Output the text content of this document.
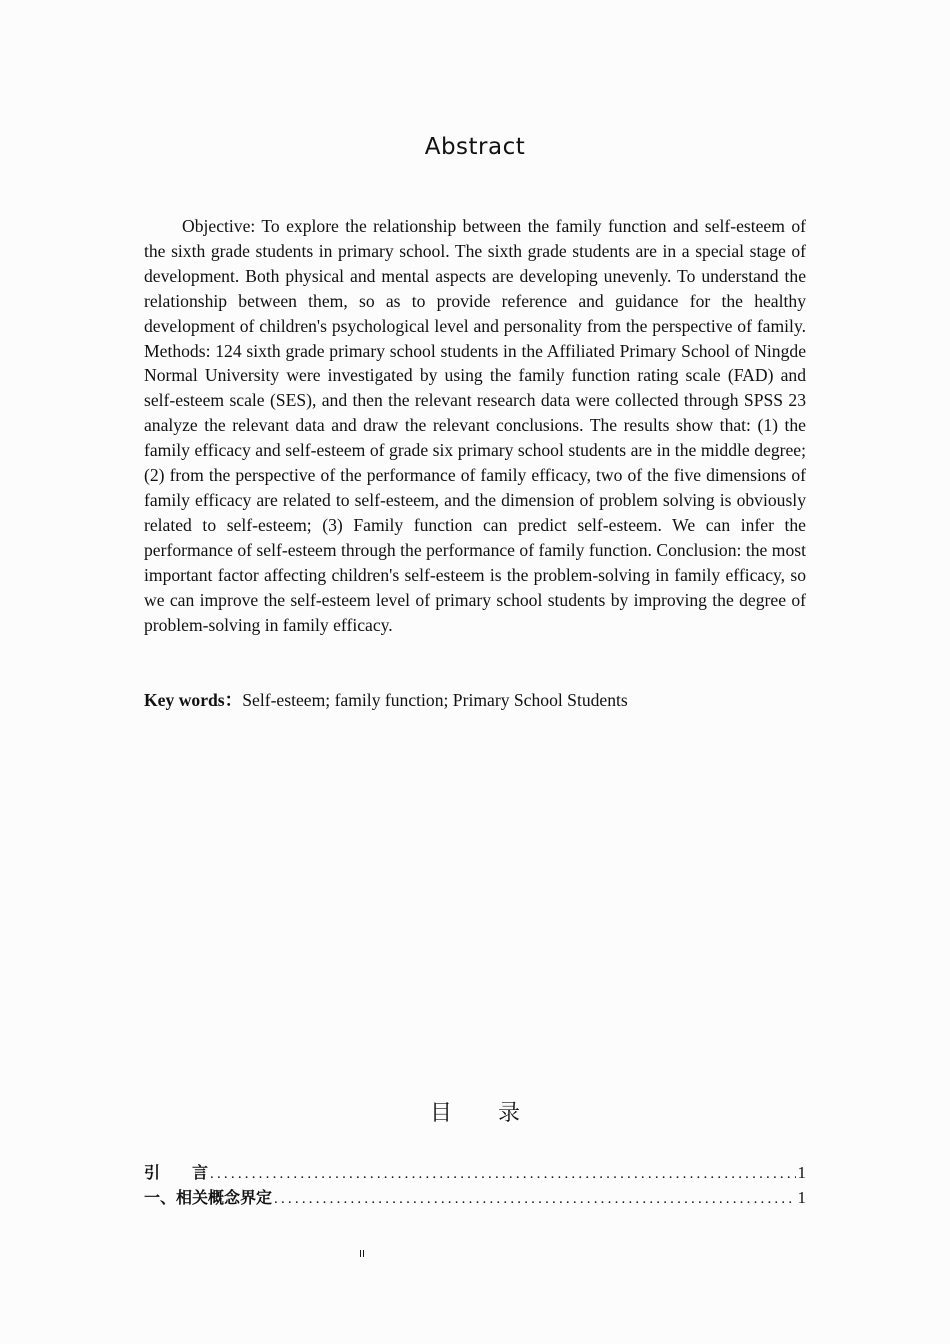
Abstract

Objective: To explore the relationship between the family function and self-esteem of the sixth grade students in primary school. The sixth grade students are in a special stage of development. Both physical and mental aspects are developing unevenly. To understand the relationship between them, so as to provide reference and guidance for the healthy development of children's psychological level and personality from the perspective of family. Methods: 124 sixth grade primary school students in the Affiliated Primary School of Ningde Normal University were investigated by using the family function rating scale (FAD) and self-esteem scale (SES), and then the relevant research data were collected through SPSS 23 analyze the relevant data and draw the relevant conclusions. The results show that: (1) the family efficacy and self-esteem of grade six primary school students are in the middle degree; (2) from the perspective of the performance of family efficacy, two of the five dimensions of family efficacy are related to self-esteem, and the dimension of problem solving is obviously related to self-esteem; (3) Family function can predict self-esteem. We can infer the performance of self-esteem through the performance of family function. Conclusion: the most important factor affecting children's self-esteem is the problem-solving in family efficacy, so we can improve the self-esteem level of primary school students by improving the degree of problem-solving in family efficacy.

Key words：Self-esteem; family function; Primary School Students

目 录
引　　言 .....	1
一、相关概念界定 .....	1
II
